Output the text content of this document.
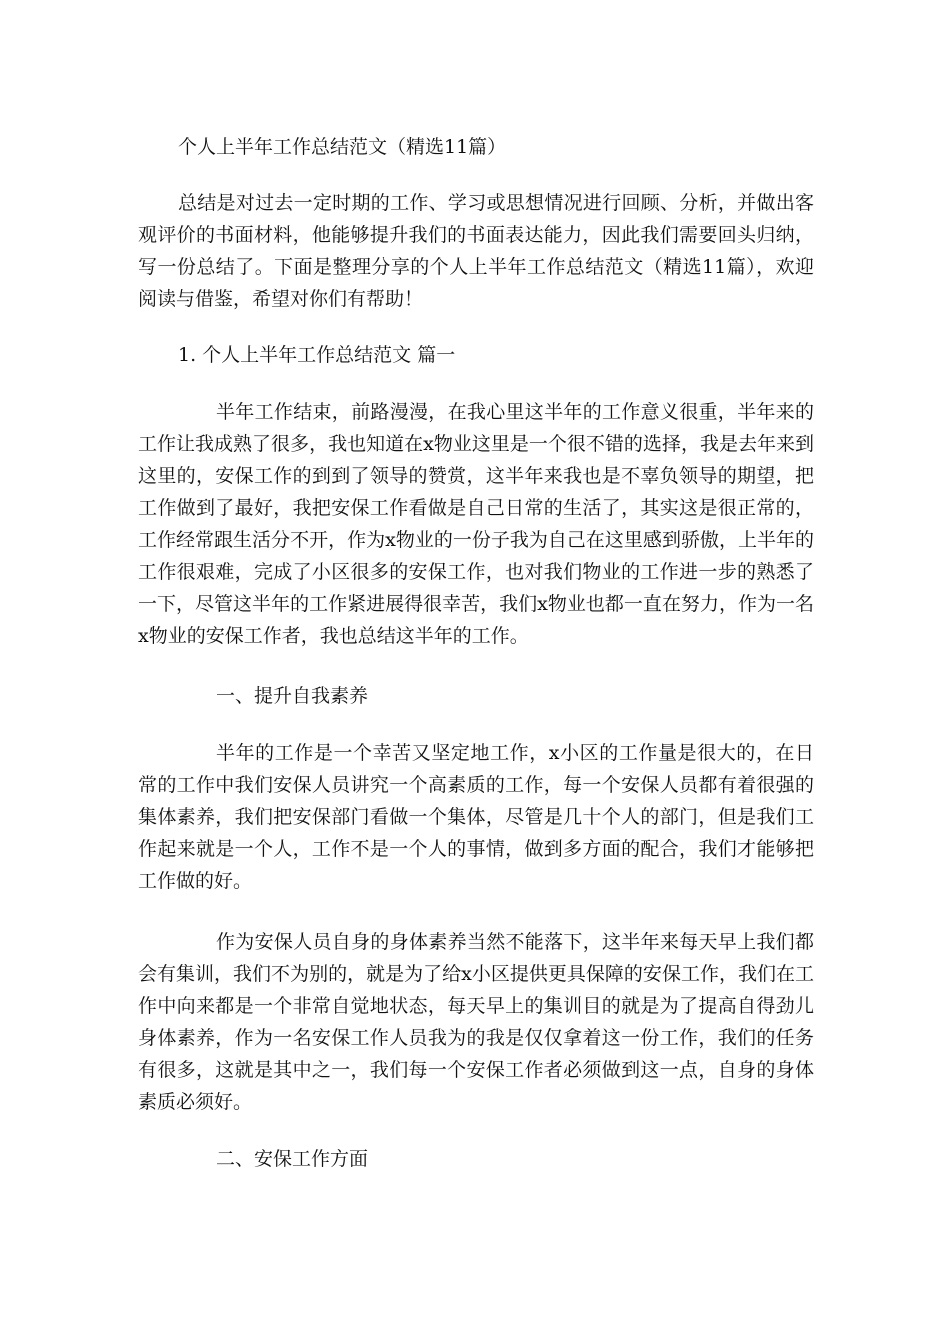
个人上半年工作总结范文（精选11篇）

总结是对过去一定时期的工作、学习或思想情况进行回顾、分析，并做出客观评价的书面材料，他能够提升我们的书面表达能力，因此我们需要回头归纳，写一份总结了。下面是整理分享的个人上半年工作总结范文（精选11篇），欢迎阅读与借鉴，希望对你们有帮助！

1. 个人上半年工作总结范文 篇一

半年工作结束，前路漫漫，在我心里这半年的工作意义很重，半年来的工作让我成熟了很多，我也知道在x物业这里是一个很不错的选择，我是去年来到这里的，安保工作的到到了领导的赞赏，这半年来我也是不辜负领导的期望，把工作做到了最好，我把安保工作看做是自己日常的生活了，其实这是很正常的，工作经常跟生活分不开，作为x物业的一份子我为自己在这里感到骄傲，上半年的工作很艰难，完成了小区很多的安保工作，也对我们物业的工作进一步的熟悉了一下，尽管这半年的工作紧进展得很幸苦，我们x物业也都一直在努力，作为一名x物业的安保工作者，我也总结这半年的工作。

一、提升自我素养

半年的工作是一个幸苦又坚定地工作，x小区的工作量是很大的，在日常的工作中我们安保人员讲究一个高素质的工作，每一个安保人员都有着很强的集体素养，我们把安保部门看做一个集体，尽管是几十个人的部门，但是我们工作起来就是一个人，工作不是一个人的事情，做到多方面的配合，我们才能够把工作做的好。

作为安保人员自身的身体素养当然不能落下，这半年来每天早上我们都会有集训，我们不为别的，就是为了给x小区提供更具保障的安保工作，我们在工作中向来都是一个非常自觉地状态，每天早上的集训目的就是为了提高自得劲儿身体素养，作为一名安保工作人员我为的我是仅仅拿着这一份工作，我们的任务有很多，这就是其中之一，我们每一个安保工作者必须做到这一点，自身的身体素质必须好。

二、安保工作方面
